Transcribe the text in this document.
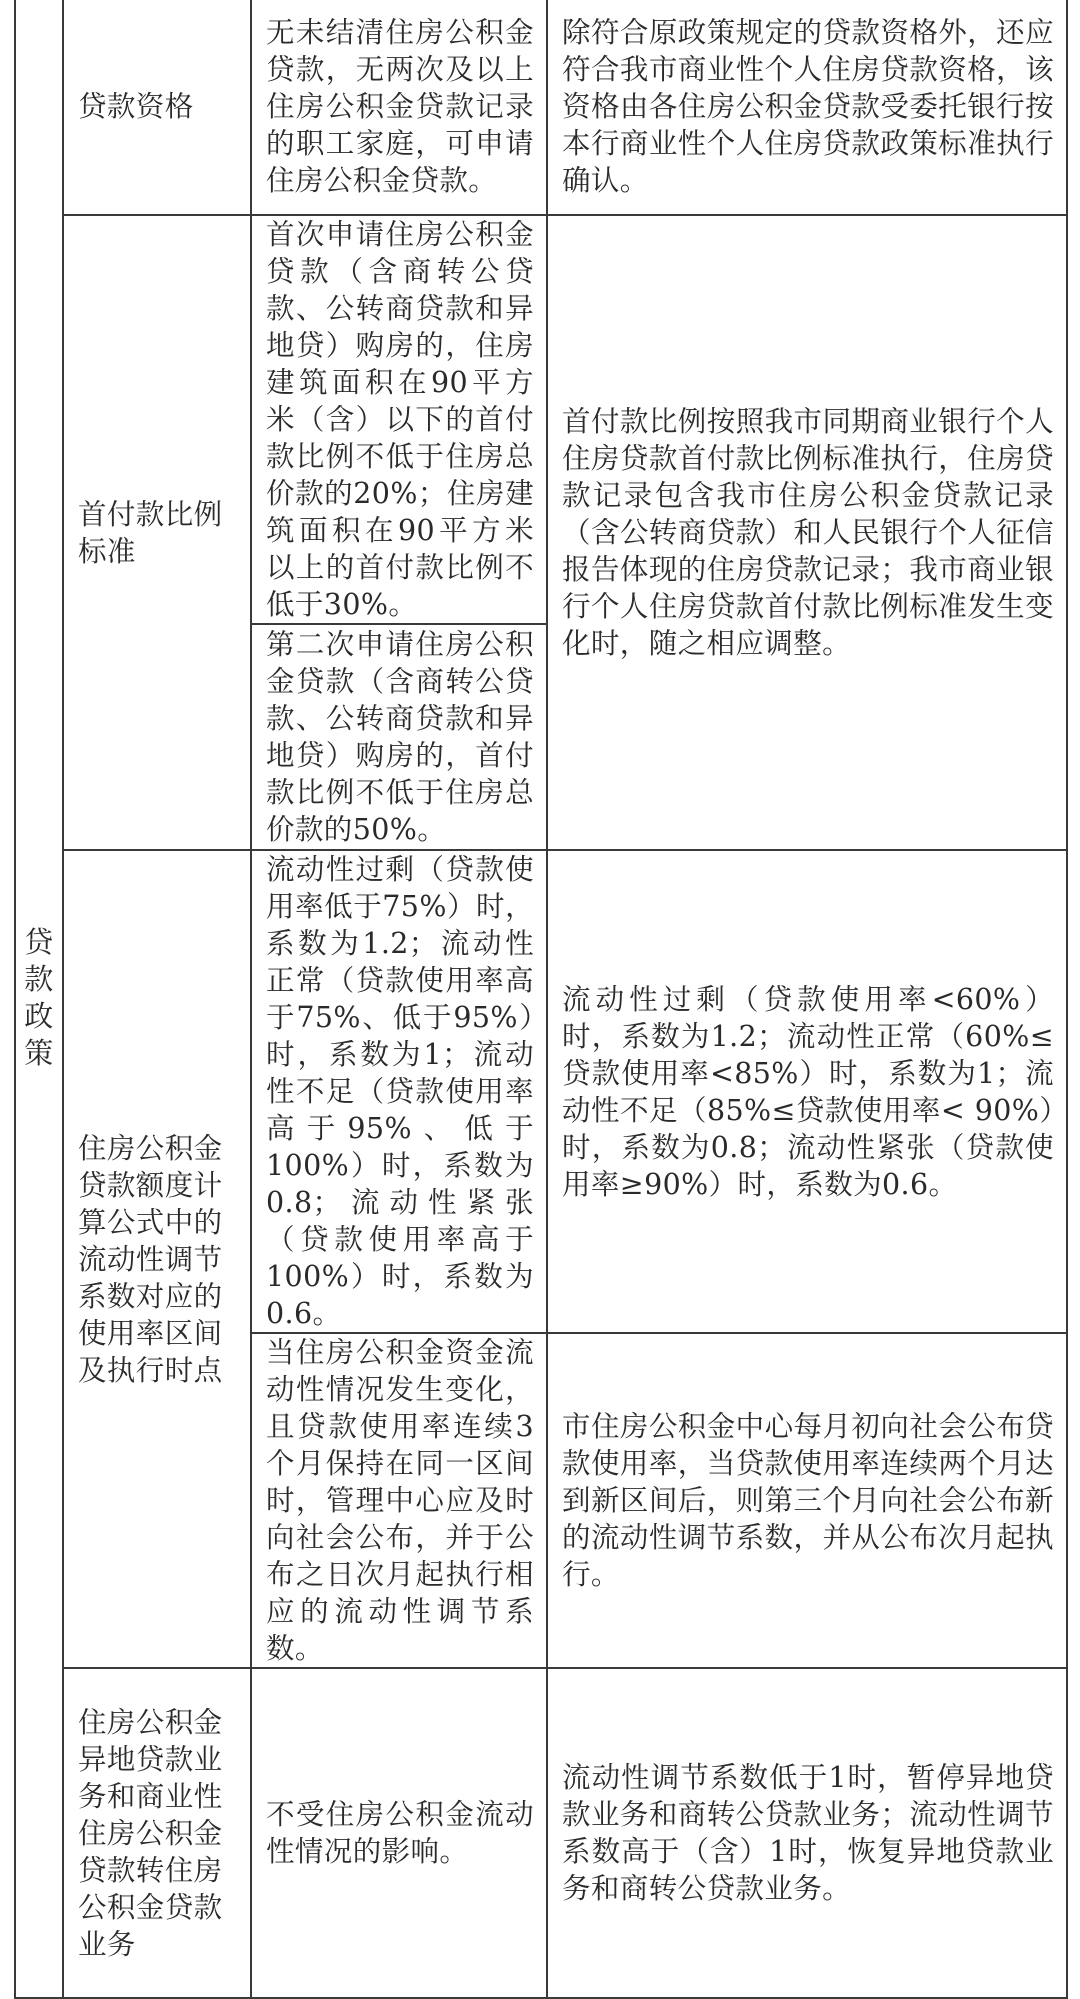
贷
款
政
策	贷款资格	无未结清住房公积金贷款，无两次及以上住房公积金贷款记录的职工家庭，可申请住房公积金贷款。	除符合原政策规定的贷款资格外，还应符合我市商业性个人住房贷款资格，该资格由各住房公积金贷款受委托银行按本行商业性个人住房贷款政策标准执行确认。
	首付款比例标准	首次申请住房公积金贷款（含商转公贷款、公转商贷款和异地贷）购房的，住房建筑面积在90平方米（含）以下的首付款比例不低于住房总价款的20%；住房建筑面积在90平方米以上的首付款比例不低于30%。	首付款比例按照我市同期商业银行个人住房贷款首付款比例标准执行，住房贷款记录包含我市住房公积金贷款记录（含公转商贷款）和人民银行个人征信报告体现的住房贷款记录；我市商业银行个人住房贷款首付款比例标准发生变化时，随之相应调整。
		第二次申请住房公积金贷款（含商转公贷款、公转商贷款和异地贷）购房的，首付款比例不低于住房总价款的50%。	
	住房公积金贷款额度计算公式中的流动性调节系数对应的使用率区间及执行时点	流动性过剩（贷款使用率低于75%）时，系数为1.2；流动性正常（贷款使用率高于75%、低于95%）时，系数为1；流动性不足（贷款使用率高于95%、低于100%）时，系数为0.8；流动性紧张（贷款使用率高于100%）时，系数为0.6。	流动性过剩（贷款使用率<60%）时，系数为1.2；流动性正常（60%≤贷款使用率<85%）时，系数为1；流动性不足（85%≤贷款使用率< 90%）时，系数为0.8；流动性紧张（贷款使用率≥90%）时，系数为0.6。
		当住房公积金资金流动性情况发生变化，且贷款使用率连续3个月保持在同一区间时，管理中心应及时向社会公布，并于公布之日次月起执行相应的流动性调节系数。	市住房公积金中心每月初向社会公布贷款使用率，当贷款使用率连续两个月达到新区间后，则第三个月向社会公布新的流动性调节系数，并从公布次月起执行。
	住房公积金异地贷款业务和商业性住房公积金贷款转住房公积金贷款业务	不受住房公积金流动性情况的影响。	流动性调节系数低于1时，暂停异地贷款业务和商转公贷款业务；流动性调节系数高于（含）1时，恢复异地贷款业务和商转公贷款业务。
